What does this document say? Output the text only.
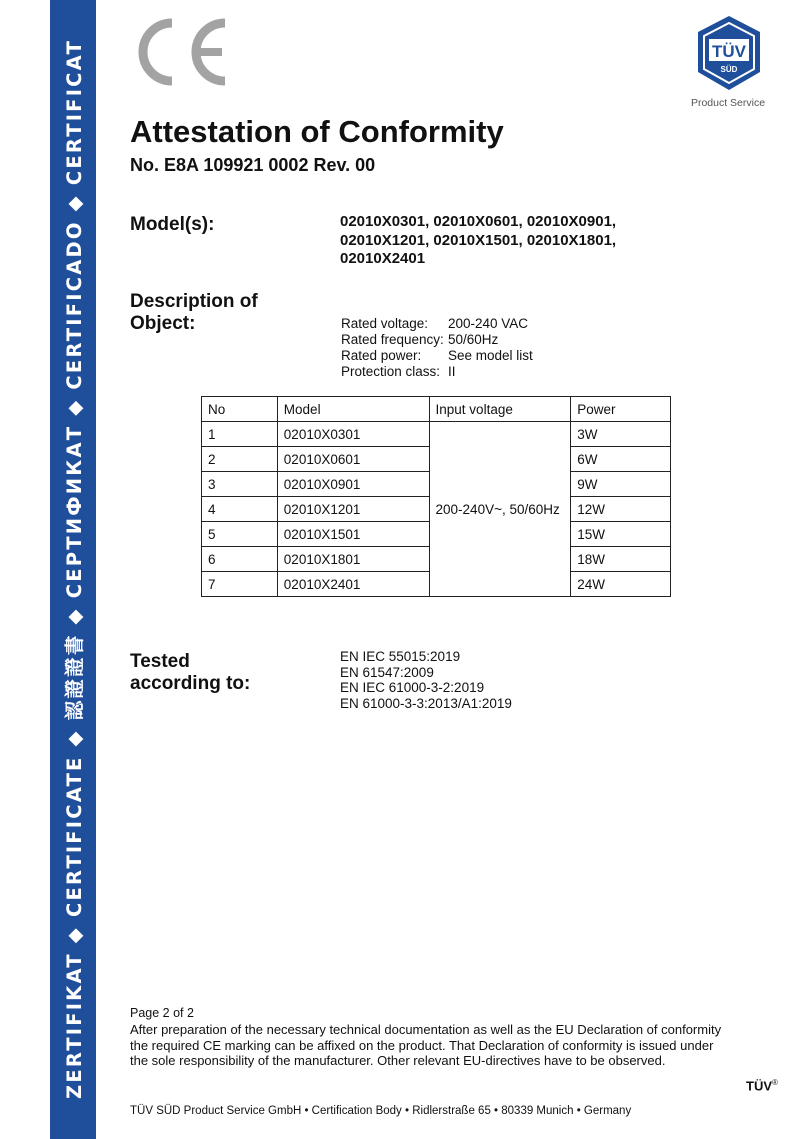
ZERTIFIKAT ◆ CERTIFICATE ◆ 認證證書 ◆ СЕРТИФИКАТ ◆ CERTIFICADO ◆ CERTIFICAT	TÜV
SÜD
Product Service
Attestation of Conformity
No. E8A 109921 0002 Rev. 00
Model(s):	02010X0301, 02010X0601, 02010X0901,
02010X1201, 02010X1501, 02010X1801,
02010X2401
Description of
Object:	Rated voltage:	200-240 VAC
Rated frequency: 50/60Hz
Rated power:	See model list
Protection class: II
No	Model	Input voltage	Power
1	02010X0301	200-240V~, 50/60Hz	3W
2	02010X0601		6W
3	02010X0901		9W
4	02010X1201		12W
5	02010X1501		15W
6	02010X1801		18W
7	02010X2401		24W
Tested
according to:
EN IEC 55015:2019
EN 61547:2009
EN IEC 61000-3-2:2019
EN 61000-3-3:2013/A1:2019
Page 2 of 2
After preparation of the necessary technical documentation as well as the EU Declaration of conformity the required CE marking can be affixed on the product. That Declaration of conformity is issued under the sole responsibility of the manufacturer. Other relevant EU-directives have to be observed.
TÜV®
TÜV SÜD Product Service GmbH • Certification Body • Ridlerstraße 65 • 80339 Munich • Germany
